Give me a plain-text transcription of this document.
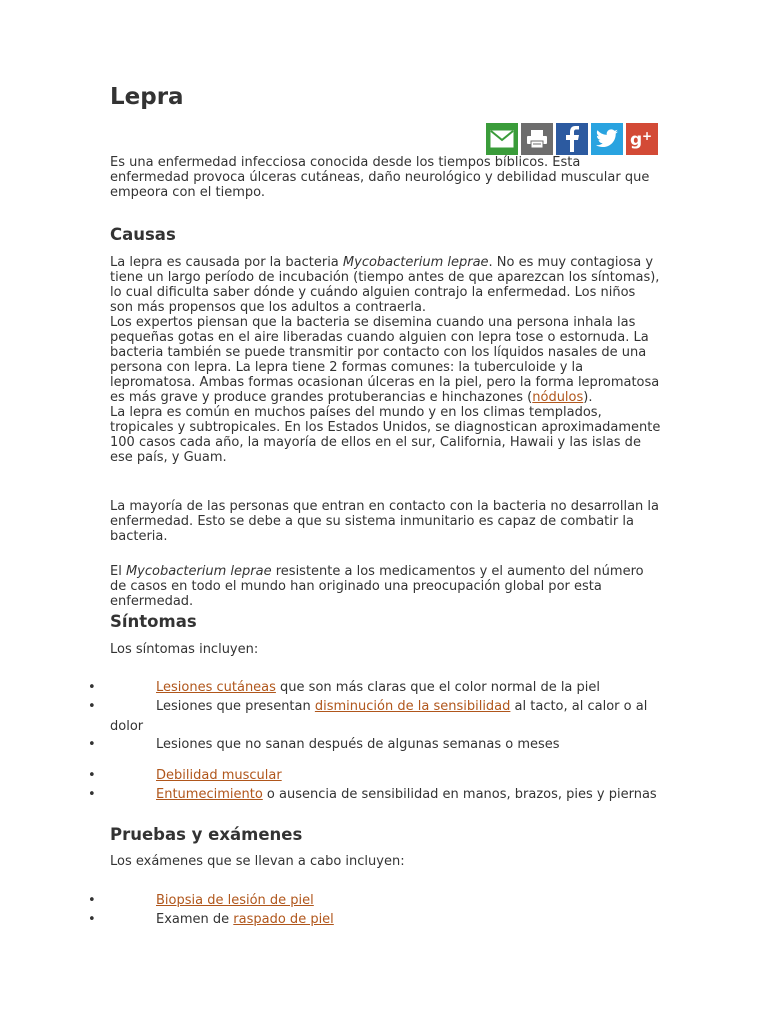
Lepra
g +

Es una enfermedad infecciosa conocida desde los tiempos bíblicos. Esta enfermedad provoca úlceras cutáneas, daño neurológico y debilidad muscular que empeora con el tiempo.

Causas

La lepra es causada por la bacteria Mycobacterium leprae. No es muy contagiosa y tiene un largo período de incubación (tiempo antes de que aparezcan los síntomas), lo cual dificulta saber dónde y cuándo alguien contrajo la enfermedad. Los niños son más propensos que los adultos a contraerla.

Los expertos piensan que la bacteria se disemina cuando una persona inhala las pequeñas gotas en el aire liberadas cuando alguien con lepra tose o estornuda. La bacteria también se puede transmitir por contacto con los líquidos nasales de una persona con lepra. La lepra tiene 2 formas comunes: la tuberculoide y la lepromatosa. Ambas formas ocasionan úlceras en la piel, pero la forma lepromatosa es más grave y produce grandes protuberancias e hinchazones (nódulos).

La lepra es común en muchos países del mundo y en los climas templados, tropicales y subtropicales. En los Estados Unidos, se diagnostican aproximadamente 100 casos cada año, la mayoría de ellos en el sur, California, Hawaii y las islas de ese país, y Guam.

La mayoría de las personas que entran en contacto con la bacteria no desarrollan la enfermedad. Esto se debe a que su sistema inmunitario es capaz de combatir la bacteria.

El Mycobacterium leprae resistente a los medicamentos y el aumento del número de casos en todo el mundo han originado una preocupación global por esta enfermedad.

Síntomas

Los síntomas incluyen:

•	Lesiones cutáneas que son más claras que el color normal de la piel
•	Lesiones que presentan disminución de la sensibilidad al tacto, al calor o al dolor
•	Lesiones que no sanan después de algunas semanas o meses
•	Debilidad muscular
•	Entumecimiento o ausencia de sensibilidad en manos, brazos, pies y piernas
Pruebas y exámenes

Los exámenes que se llevan a cabo incluyen:

•	Biopsia de lesión de piel
•	Examen de raspado de piel
